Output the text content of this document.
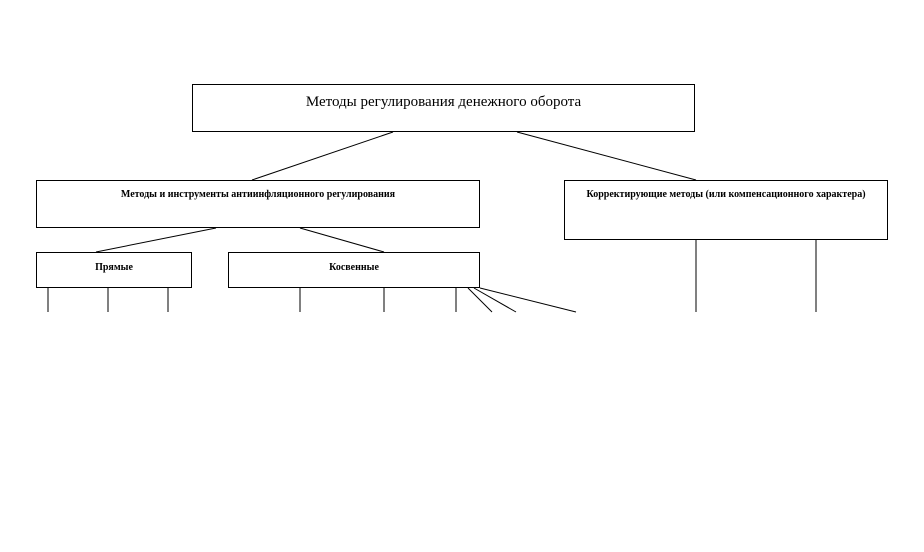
Методы регулирования денежного оборота
Методы и инструменты антиинфляционного регулирования	Корректирующие методы (или компенсационного характера)
Прямые	Косвенные
